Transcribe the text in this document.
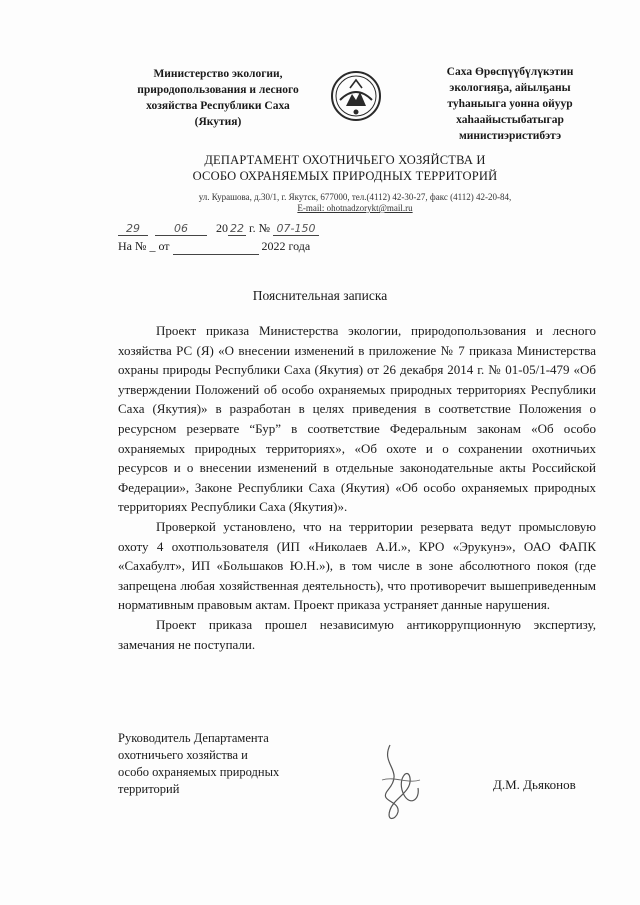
Министерство экологии,
природопользования и лесного
хозяйства Республики Саха
(Якутия)
Саха Өрөспүүбүлүкэтин
экологияҕа, айылҕаны
туһаныыга уонна ойуур
хаһаайыстыбатыгар
министиэристибэтэ
ДЕПАРТАМЕНТ ОХОТНИЧЬЕГО ХОЗЯЙСТВА И
ОСОБО ОХРАНЯЕМЫХ ПРИРОДНЫХ ТЕРРИТОРИЙ
ул. Курашова, д.30/1, г. Якутск, 677000, тел.(4112) 42-30-27, факс (4112) 42-20-84,
E-mail: ohotnadzorykt@mail.ru
29	06 20 22 г. № 07-150
На № _ от	2022 года
Пояснительная записка

Проект приказа Министерства экологии, природопользования и лесного хозяйства РС (Я) «О внесении изменений в приложение № 7 приказа Министерства охраны природы Республики Саха (Якутия) от 26 декабря 2014 г. № 01-05/1-479 «Об утверждении Положений об особо охраняемых природных территориях Республики Саха (Якутия)» в разработан в целях приведения в соответствие Положения о ресурсном резервате “Бур” в соответствие Федеральным законам «Об особо охраняемых природных территориях», «Об охоте и о сохранении охотничьих ресурсов и о внесении изменений в отдельные законодательные акты Российской Федерации», Законе Республики Саха (Якутия) «Об особо охраняемых природных территориях Республики Саха (Якутия)».

Проверкой установлено, что на территории резервата ведут промысловую охоту 4 охотпользователя (ИП «Николаев А.И.», КРО «Эрукунэ», ОАО ФАПК «Сахабулт», ИП «Большаков Ю.Н.»), в том числе в зоне абсолютного покоя (где запрещена любая хозяйственная деятельность), что противоречит вышеприведенным нормативным правовым актам. Проект приказа устраняет данные нарушения.

Проект приказа прошел независимую антикоррупционную экспертизу, замечания не поступали.

Руководитель Департамента
охотничьего хозяйства и
особо охраняемых природных
территорий	Д.М. Дьяконов
